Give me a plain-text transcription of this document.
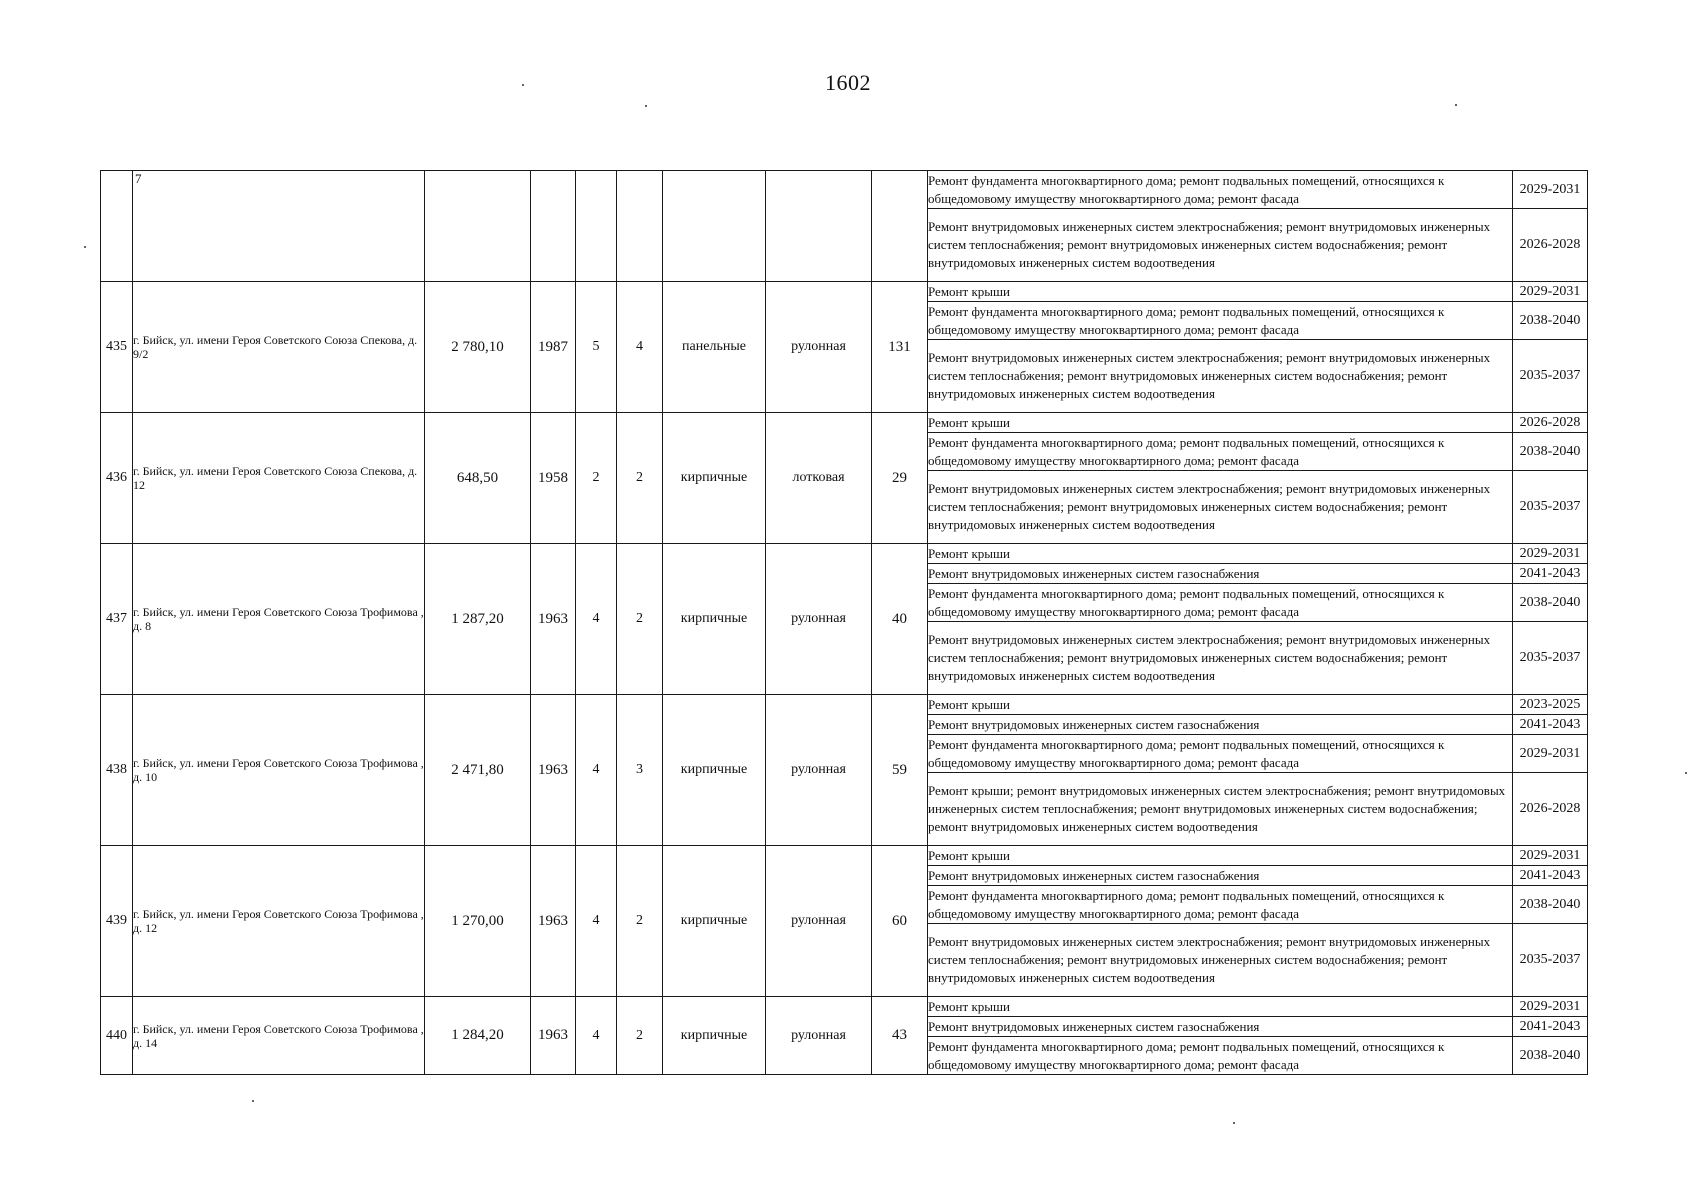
1602
	7								Ремонт фундамента многоквартирного дома; ремонт подвальных помещений, относящихся к общедомовому имуществу многоквартирного дома; ремонт фасада	2029-2031
									Ремонт внутридомовых инженерных систем электроснабжения; ремонт внутридомовых инженерных систем теплоснабжения; ремонт внутридомовых инженерных систем водоснабжения; ремонт внутридомовых инженерных систем водоотведения	2026-2028
435	г. Бийск, ул. имени Героя Советского Союза Спекова, д. 9/2	2 780,10	1987	5	4	панельные	рулонная	131	Ремонт крыши	2029-2031
									Ремонт фундамента многоквартирного дома; ремонт подвальных помещений, относящихся к общедомовому имуществу многоквартирного дома; ремонт фасада	2038-2040
									Ремонт внутридомовых инженерных систем электроснабжения; ремонт внутридомовых инженерных систем теплоснабжения; ремонт внутридомовых инженерных систем водоснабжения; ремонт внутридомовых инженерных систем водоотведения	2035-2037
436	г. Бийск, ул. имени Героя Советского Союза Спекова, д. 12	648,50	1958	2	2	кирпичные	лотковая	29	Ремонт крыши	2026-2028
									Ремонт фундамента многоквартирного дома; ремонт подвальных помещений, относящихся к общедомовому имуществу многоквартирного дома; ремонт фасада	2038-2040
									Ремонт внутридомовых инженерных систем электроснабжения; ремонт внутридомовых инженерных систем теплоснабжения; ремонт внутридомовых инженерных систем водоснабжения; ремонт внутридомовых инженерных систем водоотведения	2035-2037
437	г. Бийск, ул. имени Героя Советского Союза Трофимова , д. 8	1 287,20	1963	4	2	кирпичные	рулонная	40	Ремонт крыши	2029-2031
									Ремонт внутридомовых инженерных систем газоснабжения	2041-2043
									Ремонт фундамента многоквартирного дома; ремонт подвальных помещений, относящихся к общедомовому имуществу многоквартирного дома; ремонт фасада	2038-2040
									Ремонт внутридомовых инженерных систем электроснабжения; ремонт внутридомовых инженерных систем теплоснабжения; ремонт внутридомовых инженерных систем водоснабжения; ремонт внутридомовых инженерных систем водоотведения	2035-2037
438	г. Бийск, ул. имени Героя Советского Союза Трофимова , д. 10	2 471,80	1963	4	3	кирпичные	рулонная	59	Ремонт крыши	2023-2025
									Ремонт внутридомовых инженерных систем газоснабжения	2041-2043
									Ремонт фундамента многоквартирного дома; ремонт подвальных помещений, относящихся к общедомовому имуществу многоквартирного дома; ремонт фасада	2029-2031
									Ремонт крыши; ремонт внутридомовых инженерных систем электроснабжения; ремонт внутридомовых инженерных систем теплоснабжения; ремонт внутридомовых инженерных систем водоснабжения; ремонт внутридомовых инженерных систем водоотведения	2026-2028
439	г. Бийск, ул. имени Героя Советского Союза Трофимова , д. 12	1 270,00	1963	4	2	кирпичные	рулонная	60	Ремонт крыши	2029-2031
									Ремонт внутридомовых инженерных систем газоснабжения	2041-2043
									Ремонт фундамента многоквартирного дома; ремонт подвальных помещений, относящихся к общедомовому имуществу многоквартирного дома; ремонт фасада	2038-2040
									Ремонт внутридомовых инженерных систем электроснабжения; ремонт внутридомовых инженерных систем теплоснабжения; ремонт внутридомовых инженерных систем водоснабжения; ремонт внутридомовых инженерных систем водоотведения	2035-2037
440	г. Бийск, ул. имени Героя Советского Союза Трофимова , д. 14	1 284,20	1963	4	2	кирпичные	рулонная	43	Ремонт крыши	2029-2031
									Ремонт внутридомовых инженерных систем газоснабжения	2041-2043
									Ремонт фундамента многоквартирного дома; ремонт подвальных помещений, относящихся к общедомовому имуществу многоквартирного дома; ремонт фасада	2038-2040
